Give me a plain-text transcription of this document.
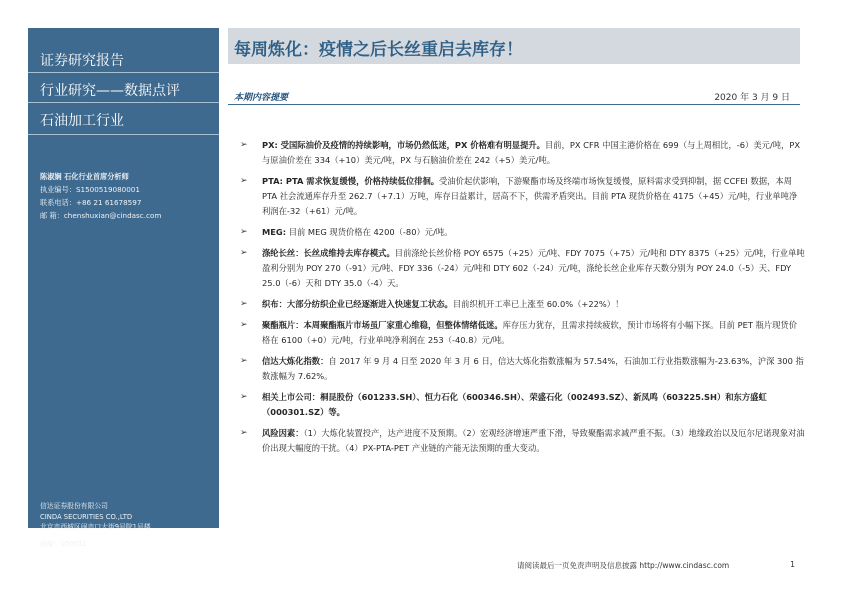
证券研究报告
行业研究——数据点评
石油加工行业
陈淑娴 石化行业首席分析师
执业编号：S1500519080001
联系电话：+86 21 61678597
邮 箱：chenshuxian@cindasc.com
信达证券股份有限公司
CINDA SECURITIES CO.,LTD
北京市西城区闹市口大街9号院1号楼
邮编：100031
每周炼化：疫情之后长丝重启去库存！
本期内容提要	2020 年 3 月 9 日
➢ PX: 受国际油价及疫情的持续影响，市场仍然低迷，PX 价格难有明显提升。目前，PX CFR 中国主港价格在 699（与上周相比，-6）美元/吨，PX 与原油价差在 334（+10）美元/吨，PX 与石脑油价差在 242（+5）美元/吨。
➢ PTA: PTA 需求恢复缓慢，价格持续低位徘徊。受油价起伏影响，下游聚酯市场及终端市场恢复缓慢，原料需求受到抑制，据 CCFEI 数据，本周 PTA 社会流通库存升至 262.7（+7.1）万吨，库存日益累计，居高不下，供需矛盾突出。目前 PTA 现货价格在 4175（+45）元/吨，行业单吨净利润在-32（+61）元/吨。
➢ MEG: 目前 MEG 现货价格在 4200（-80）元/吨。
➢ 涤纶长丝：长丝成维持去库存模式。目前涤纶长丝价格 POY 6575（+25）元/吨、FDY 7075（+75）元/吨和 DTY 8375（+25）元/吨，行业单吨盈利分别为 POY 270（-91）元/吨、FDY 336（-24）元/吨和 DTY 602（-24）元/吨，涤纶长丝企业库存天数分别为 POY 24.0（-5）天、FDY 25.0（-6）天和 DTY 35.0（-4）天。
➢ 织布：大部分纺织企业已经逐渐进入快速复工状态。目前织机开工率已上涨至 60.0%（+22%）！
➢ 聚酯瓶片：本周聚酯瓶片市场虽厂家重心维稳，但整体情绪低迷。库存压力犹存，且需求持续疲软，预计市场将有小幅下探。目前 PET 瓶片现货价格在 6100（+0）元/吨，行业单吨净利润在 253（-40.8）元/吨。
➢ 信达大炼化指数：自 2017 年 9 月 4 日至 2020 年 3 月 6 日，信达大炼化指数涨幅为 57.54%，石油加工行业指数涨幅为-23.63%，沪深 300 指数涨幅为 7.62%。
➢ 相关上市公司：桐昆股份（601233.SH）、恒力石化（600346.SH）、荣盛石化（002493.SZ）、新凤鸣（603225.SH）和东方盛虹（000301.SZ）等。
➢ 风险因素：（1）大炼化装置投产，达产进度不及预期。（2）宏观经济增速严重下滑，导致聚酯需求减严重不振。（3）地缘政治以及厄尔尼诺现象对油价出现大幅度的干扰。（4）PX-PTA-PET 产业链的产能无法预期的重大变动。
请阅读最后一页免责声明及信息披露 http://www.cindasc.com	1
